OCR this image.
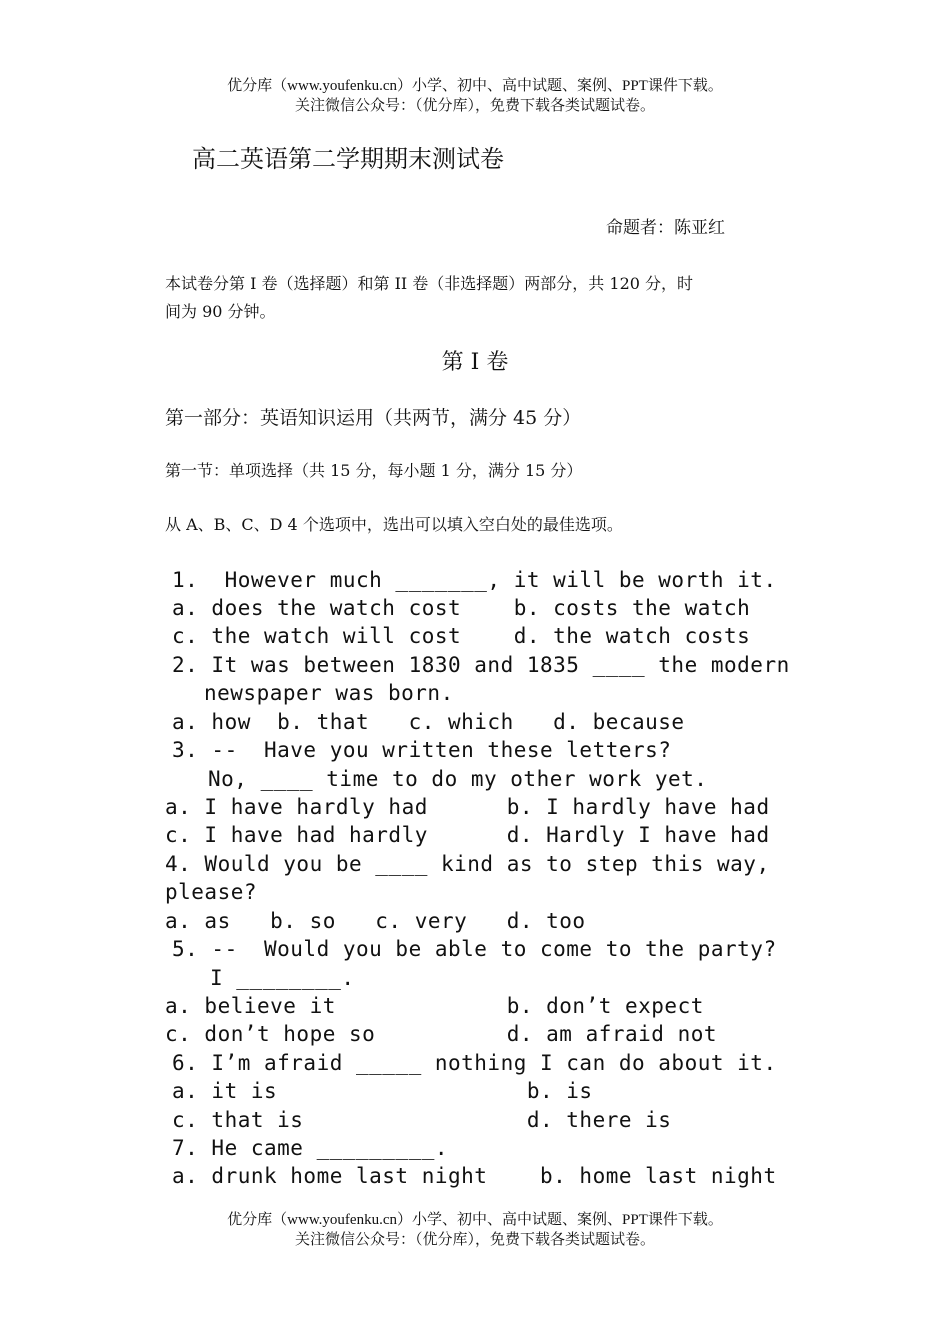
优分库（www.youfenku.cn）小学、初中、高中试题、案例、PPT课件下载。
关注微信公众号：（优分库），免费下载各类试题试卷。
高二英语第二学期期末测试卷
命题者：陈亚红
本试卷分第 I 卷（选择题）和第 II 卷（非选择题）两部分，共 120 分，时
间为 90 分钟。
第 I 卷
第一部分：英语知识运用（共两节，满分 45 分）
第一节：单项选择（共 15 分，每小题 1 分，满分 15 分）
从 A、B、C、D 4 个选项中，选出可以填入空白处的最佳选项。
1.  However much _______, it will be worth it.
a. does the watch cost    b. costs the watch
c. the watch will cost    d. the watch costs
2. It was between 1830 and 1835 ____ the modern
newspaper was born.
a. how  b. that   c. which   d. because
3. --  Have you written these letters?
No, ____ time to do my other work yet.
a. I have hardly had      b. I hardly have had
c. I have had hardly      d. Hardly I have had
4. Would you be ____ kind as to step this way,
please?
a. as   b. so   c. very   d. too
5. --  Would you be able to come to the party?
I ________.
a. believe it             b. don’t expect
c. don’t hope so          d. am afraid not
6. I’m afraid _____ nothing I can do about it.
a. it is                   b. is
c. that is                 d. there is
7. He came _________.
a. drunk home last night    b. home last night
优分库（www.youfenku.cn）小学、初中、高中试题、案例、PPT课件下载。
关注微信公众号：（优分库），免费下载各类试题试卷。
